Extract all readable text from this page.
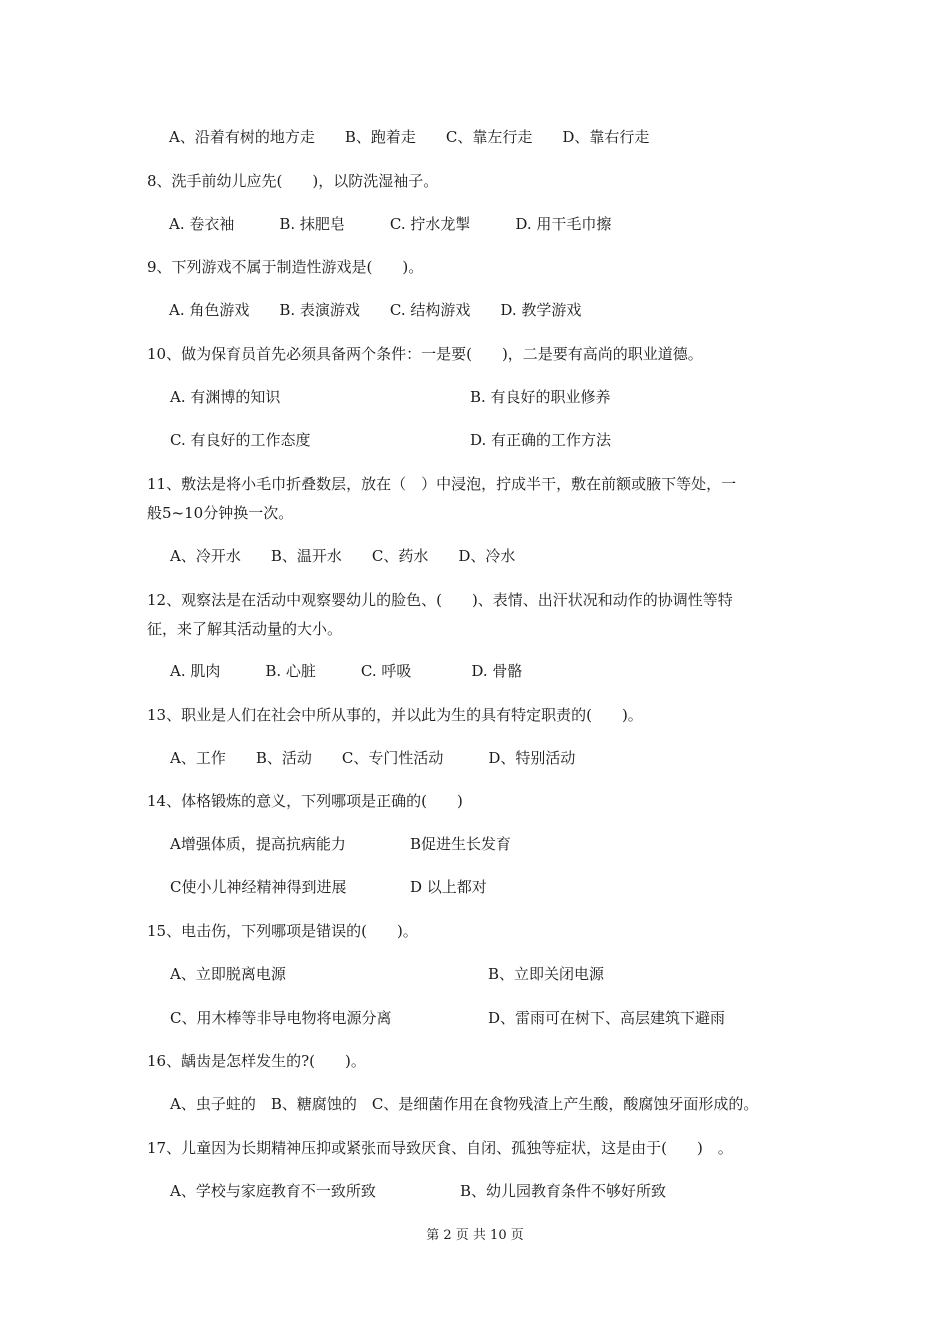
A、沿着有树的地方走　　B、跑着走　　C、靠左行走　　D、靠右行走
8、洗手前幼儿应先(　　)，以防洗湿袖子。
A. 卷衣袖　　　B. 抹肥皂　　　C. 拧水龙掣　　　D. 用干毛巾擦
9、下列游戏不属于制造性游戏是(　　)。
A. 角色游戏　　B. 表演游戏　　C. 结构游戏　　D. 教学游戏
10、做为保育员首先必须具备两个条件：一是要(　　)，二是要有高尚的职业道德。
A. 有渊博的知识	B. 有良好的职业修养
C. 有良好的工作态度	D. 有正确的工作方法
11、敷法是将小毛巾折叠数层，放在（　）中浸泡，拧成半干，敷在前额或腋下等处，一
般5~10分钟换一次。
A、冷开水　　B、温开水　　C、药水　　D、冷水
12、观察法是在活动中观察婴幼儿的脸色、(　　)、表情、出汗状况和动作的协调性等特
征，来了解其活动量的大小。
A. 肌肉　　　B. 心脏　　　C. 呼吸　　　　D. 骨骼
13、职业是人们在社会中所从事的，并以此为生的具有特定职责的(　　)。
A、工作　　B、活动　　C、专门性活动　　　D、特别活动
14、体格锻炼的意义，下列哪项是正确的(　　)
A增强体质，提高抗病能力	B促进生长发育
C使小儿神经精神得到进展	D 以上都对
15、电击伤，下列哪项是错误的(　　)。
A、立即脱离电源	B、立即关闭电源
C、用木棒等非导电物将电源分离	D、雷雨可在树下、高层建筑下避雨
16、龋齿是怎样发生的?(　　)。
A、虫子蛀的　B、糖腐蚀的　C、是细菌作用在食物残渣上产生酸，酸腐蚀牙面形成的。
17、儿童因为长期精神压抑或紧张而导致厌食、自闭、孤独等症状，这是由于(　　)　。
A、学校与家庭教育不一致所致	B、幼儿园教育条件不够好所致
第 2 页 共 10 页
